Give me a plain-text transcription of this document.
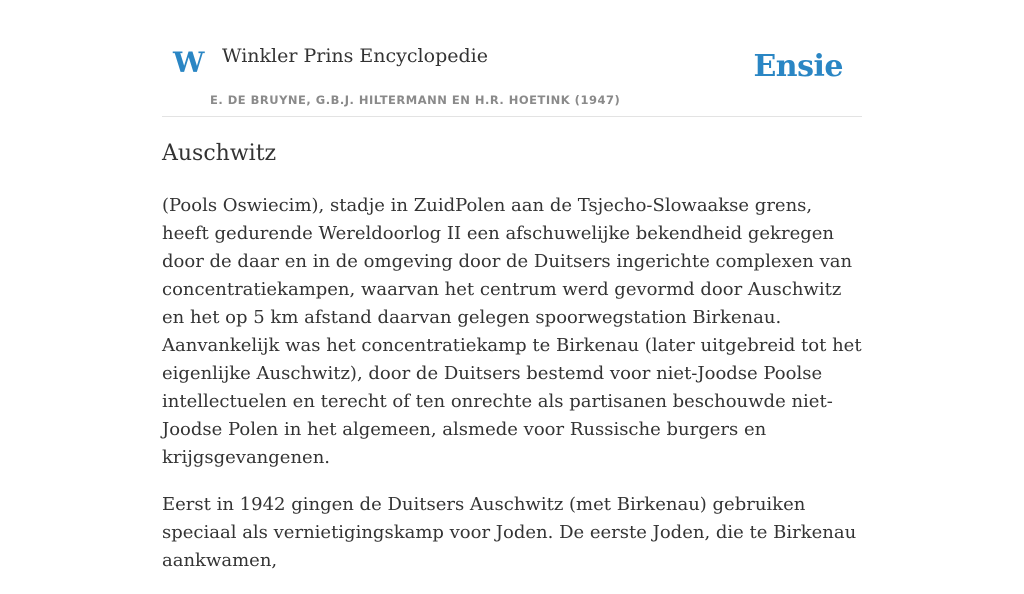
W Winkler Prins Encyclopedie
E. DE BRUYNE, G.B.J. HILTERMANN EN H.R. HOETINK (1947)
Ensie
Auschwitz

(Pools Oswiecim), stadje in ZuidPolen aan de Tsjecho-Slowaakse grens, heeft gedurende Wereldoorlog II een afschuwelijke bekendheid gekregen door de daar en in de omgeving door de Duitsers ingerichte complexen van concentratiekampen, waarvan het centrum werd gevormd door Auschwitz en het op 5 km afstand daarvan gelegen spoorwegstation Birkenau. Aanvankelijk was het concentratiekamp te Birkenau (later uitgebreid tot het eigenlijke Auschwitz), door de Duitsers bestemd voor niet-Joodse Poolse intellectuelen en terecht of ten onrechte als partisanen beschouwde niet-Joodse Polen in het algemeen, alsmede voor Russische burgers en krijgsgevangenen.

Eerst in 1942 gingen de Duitsers Auschwitz (met Birkenau) gebruiken speciaal als vernietigingskamp voor Joden. De eerste Joden, die te Birkenau aankwamen,
